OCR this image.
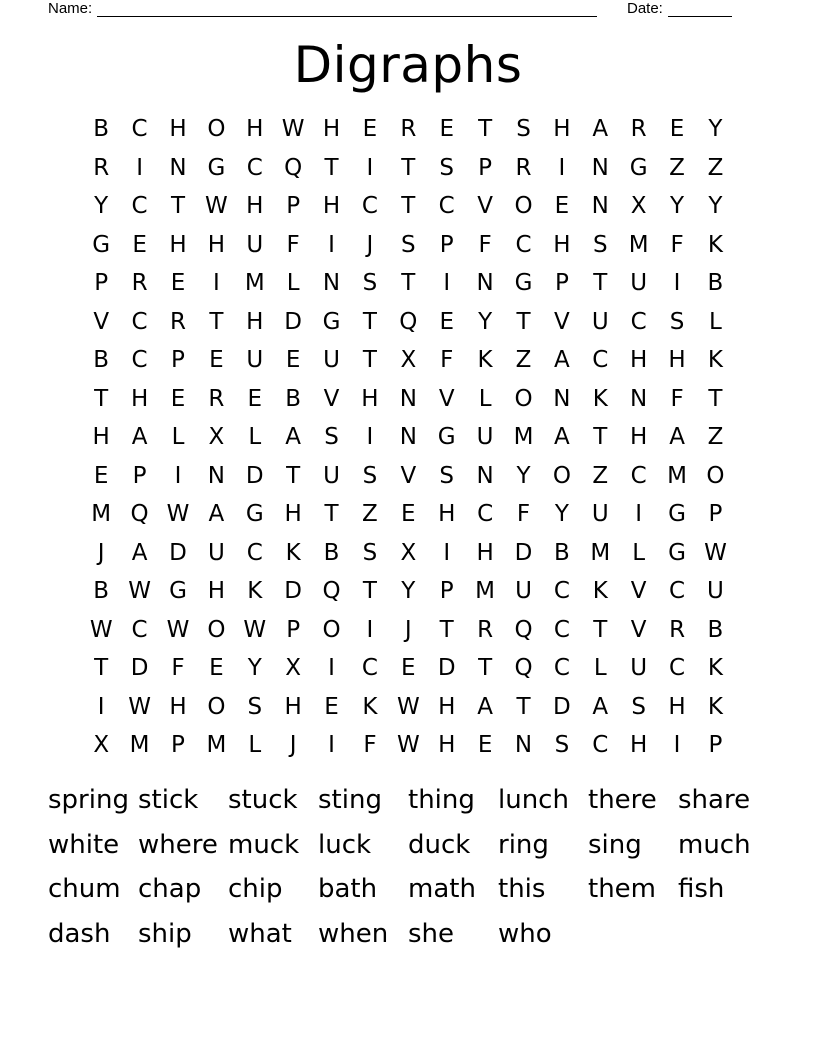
Name:	Date:
Digraphs
B C H O H W H E	R	E	T	S H A R	E	Y
R	I	N G C Q T	I	T	S	P	R	I	N G Z Z
Y	C	T W H P H C	T	C V O E N X	Y	Y
G E H H U	F	I	J	S	P	F	C H S M F	K
P	R	E	I	M L	N S	T	I	N G P	T U	I	B
V C R	T H D G T Q E	Y	T	V U C	S	L
B C	P	E U E U T	X	F	K Z A C H H K
T H E	R	E	B V H N V	L O N K N	F	T
H A	L	X	L	A	S	I	N G U M A	T H A Z
E	P	I	N D T U S	V	S N Y O Z C M O
M Q W A G H T	Z	E H C	F	Y U	I	G P
J	A D U C K B	S	X	I	H D B M L	G W
B W G H K D Q T	Y	P M U C K V C U
W C W O W P O	I	J	T	R Q C	T	V R B
T D F	E	Y	X	I	C	E D T Q C	L	U C K
I	W H O S H E	K W H A	T D A	S H K
X M P M L	J	I	F W H E N S	C H	I	P
spring stick	stuck sting	thing lunch there share
white where muck luck	duck	ring	sing	much
chum chap	chip	bath	math this	them fish
dash	ship	what	when she	who
